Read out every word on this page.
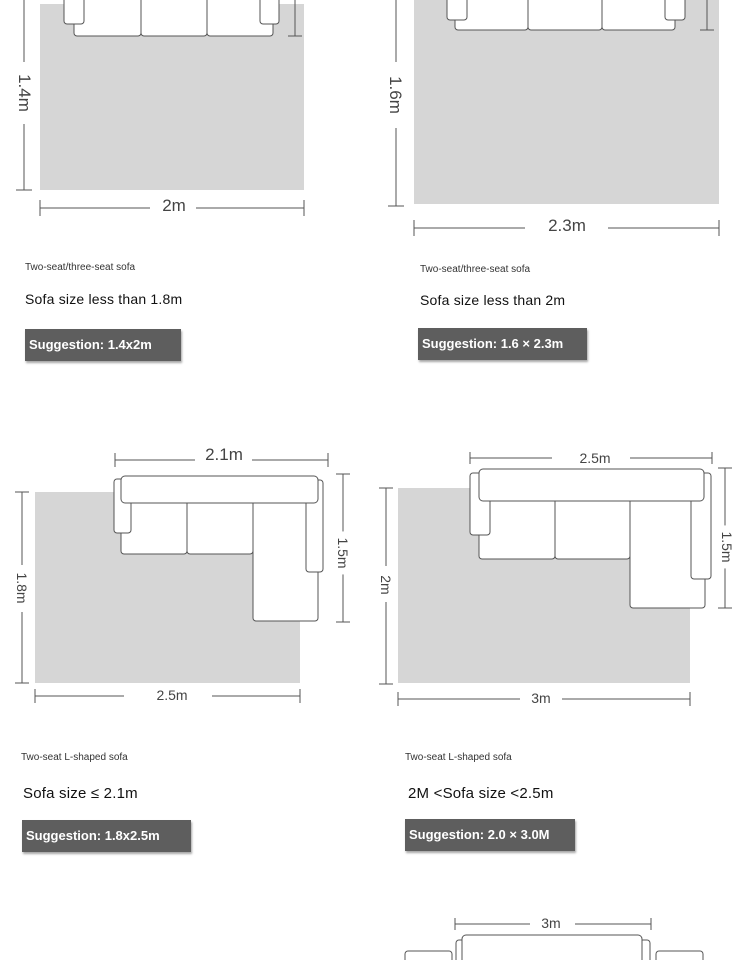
1.4m
2m
Two-seat/three-seat sofa
Sofa size less than 1.8m
Suggestion: 1.4x2m
1.6m
2.3m
Two-seat/three-seat sofa
Sofa size less than 2m
Suggestion: 1.6 × 2.3m
2.1m
1.5m
1.8m
2.5m
Two-seat L-shaped sofa
Sofa size ≤ 2.1m
Suggestion: 1.8x2.5m
2.5m
1.5m
2m
3m
Two-seat L-shaped sofa
2M <Sofa size <2.5m
Suggestion: 2.0 × 3.0M
3m
